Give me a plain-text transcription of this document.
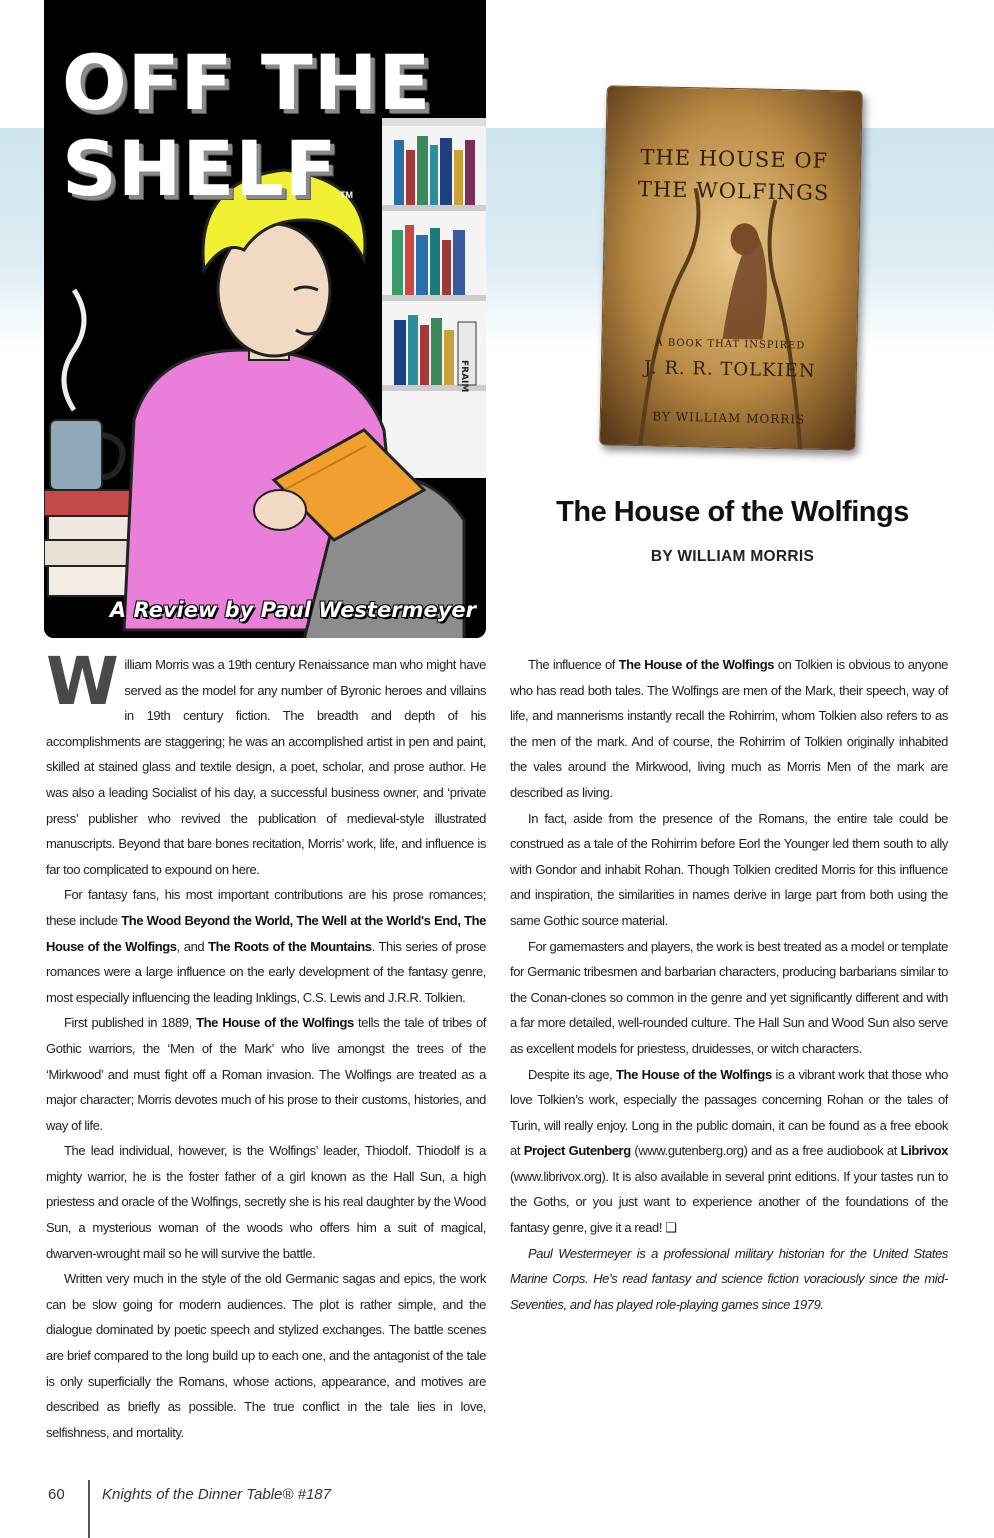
FRAIM
OFF THE
SHELF TM
A Review by Paul Westermeyer
THE HOUSE OF
THE WOLFINGS
A BOOK THAT INSPIRED
J. R. R. TOLKIEN
BY WILLIAM MORRIS
The House of the Wolfings
BY WILLIAM MORRIS

William Morris was a 19th century Renaissance man who might have served as the model for any number of Byronic heroes and villains in 19th century fiction. The breadth and depth of his accomplishments are staggering; he was an accomplished artist in pen and paint, skilled at stained glass and textile design, a poet, scholar, and prose author. He was also a leading Socialist of his day, a successful business owner, and ‘private press’ publisher who revived the publication of medieval-style illustrated manuscripts. Beyond that bare bones recitation, Morris’ work, life, and influence is far too complicated to expound on here.

For fantasy fans, his most important contributions are his prose romances; these include The Wood Beyond the World, The Well at the World's End, The House of the Wolfings, and The Roots of the Mountains. This series of prose romances were a large influence on the early development of the fantasy genre, most especially influencing the leading Inklings, C.S. Lewis and J.R.R. Tolkien.

First published in 1889, The House of the Wolfings tells the tale of tribes of Gothic warriors, the ‘Men of the Mark’ who live amongst the trees of the ‘Mirkwood’ and must fight off a Roman invasion. The Wolfings are treated as a major character; Morris devotes much of his prose to their customs, histories, and way of life.

The lead individual, however, is the Wolfings’ leader, Thiodolf. Thiodolf is a mighty warrior, he is the foster father of a girl known as the Hall Sun, a high priestess and oracle of the Wolfings, secretly she is his real daughter by the Wood Sun, a mysterious woman of the woods who offers him a suit of magical, dwarven-wrought mail so he will survive the battle.

Written very much in the style of the old Germanic sagas and epics, the work can be slow going for modern audiences. The plot is rather simple, and the dialogue dominated by poetic speech and stylized exchanges. The battle scenes are brief compared to the long build up to each one, and the antagonist of the tale is only superficially the Romans, whose actions, appearance, and motives are described as briefly as possible. The true conflict in the tale lies in love, selfishness, and mortality.

The influence of The House of the Wolfings on Tolkien is obvious to anyone who has read both tales. The Wolfings are men of the Mark, their speech, way of life, and mannerisms instantly recall the Rohirrim, whom Tolkien also refers to as the men of the mark. And of course, the Rohirrim of Tolkien originally inhabited the vales around the Mirkwood, living much as Morris Men of the mark are described as living.

In fact, aside from the presence of the Romans, the entire tale could be construed as a tale of the Rohirrim before Eorl the Younger led them south to ally with Gondor and inhabit Rohan. Though Tolkien credited Morris for this influence and inspiration, the similarities in names derive in large part from both using the same Gothic source material.

For gamemasters and players, the work is best treated as a model or template for Germanic tribesmen and barbarian characters, producing barbarians similar to the Conan-clones so common in the genre and yet significantly different and with a far more detailed, well-rounded culture. The Hall Sun and Wood Sun also serve as excellent models for priestess, druidesses, or witch characters.

Despite its age, The House of the Wolfings is a vibrant work that those who love Tolkien’s work, especially the passages concerning Rohan or the tales of Turin, will really enjoy. Long in the public domain, it can be found as a free ebook at Project Gutenberg (www.gutenberg.org) and as a free audiobook at Librivox (www.librivox.org). It is also available in several print editions. If your tastes run to the Goths, or you just want to experience another of the foundations of the fantasy genre, give it a read! ❑

Paul Westermeyer is a professional military historian for the United States Marine Corps. He’s read fantasy and science fiction voraciously since the mid-Seventies, and has played role-playing games since 1979.

60 Knights of the Dinner Table® #187
